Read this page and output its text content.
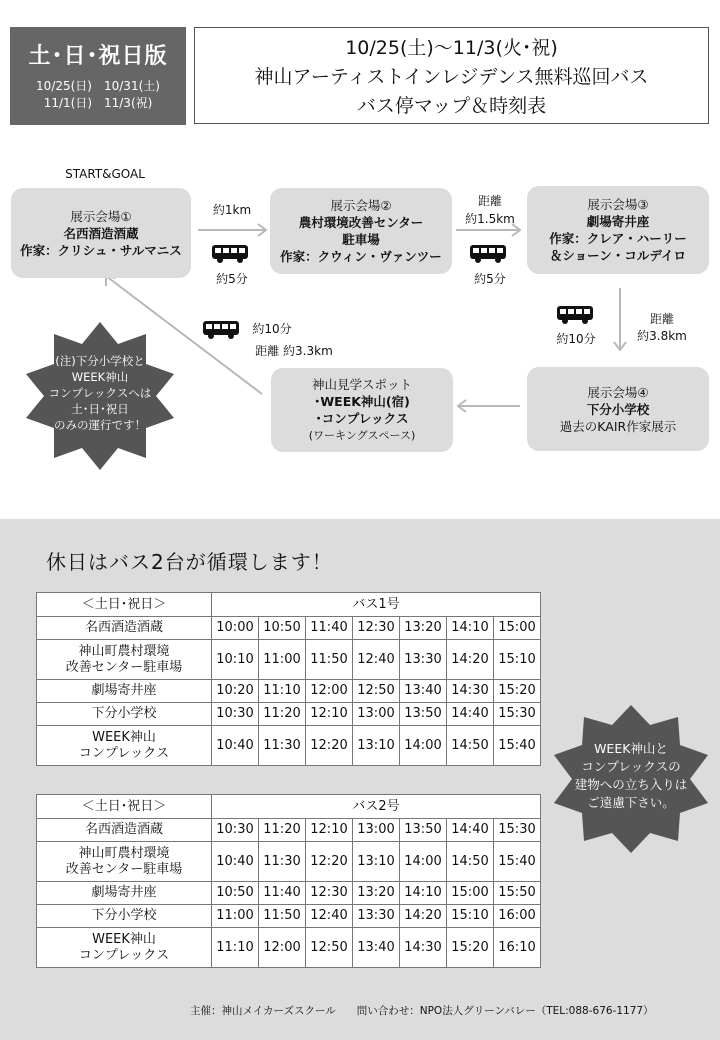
土･日･祝日版
10/25(日)　10/31(土)
11/1(日)　11/3(祝)
10/25(土)〜11/3(火･祝)
神山アーティストインレジデンス無料巡回バス
バス停マップ＆時刻表
START&GOAL
展示会場①
名西酒造酒蔵
作家：クリシュ・サルマニス
展示会場②
農村環境改善センター
駐車場
作家：クウィン・ヴァンツー
展示会場③
劇場寄井座
作家：クレア・ハーリー
＆ショーン・コルデイロ
展示会場④
下分小学校
過去のKAIR作家展示
神山見学スポット
･WEEK神山(宿)
･コンプレックス
(ワーキングスペース)
約1km
約5分
距離
約1.5km
約5分
約10分
距離
約3.8km
約10分
距離 約3.3km
(注)下分小学校と
WEEK神山
コンプレックスへは
土･日･祝日
のみの運行です！
休日はバス2台が循環します！
＜土日･祝日＞	バス1号						

名西酒造酒蔵	10:00	10:50	11:40	12:30	13:20	14:10	15:00

神山町農村環境
改善センター駐車場	10:10	11:00	11:50	12:40	13:30	14:20	15:10

劇場寄井座	10:20	11:10	12:00	12:50	13:40	14:30	15:20

下分小学校	10:30	11:20	12:10	13:00	13:50	14:40	15:30

WEEK神山
コンプレックス	10:40	11:30	12:20	13:10	14:00	14:50	15:40
＜土日･祝日＞	バス2号						

名西酒造酒蔵	10:30	11:20	12:10	13:00	13:50	14:40	15:30

神山町農村環境
改善センター駐車場	10:40	11:30	12:20	13:10	14:00	14:50	15:40

劇場寄井座	10:50	11:40	12:30	13:20	14:10	15:00	15:50

下分小学校	11:00	11:50	12:40	13:30	14:20	15:10	16:00

WEEK神山
コンプレックス	11:10	12:00	12:50	13:40	14:30	15:20	16:10
WEEK神山と
コンプレックスの
建物への立ち入りは
ご遠慮下さい。
主催：神山メイカーズスクール　　問い合わせ：NPO法人グリーンバレー（TEL:088-676-1177）
